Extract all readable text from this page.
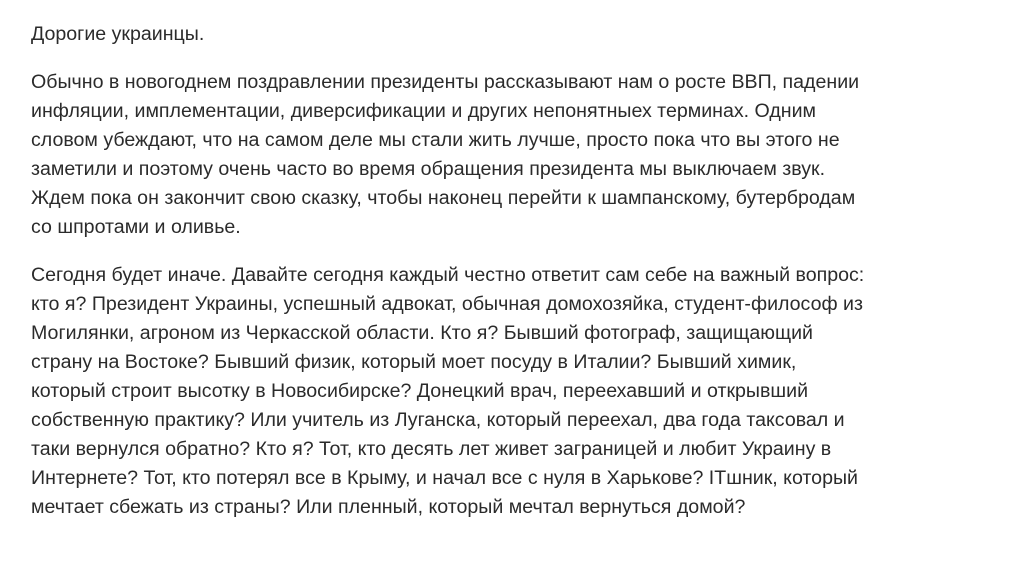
Дорогие украинцы.

Обычно в новогоднем поздравлении президенты рассказывают нам о росте ВВП, падении
инфляции, имплементации, диверсификации и других непонятныех терминах. Одним
словом убеждают, что на самом деле мы стали жить лучше, просто пока что вы этого не
заметили и поэтому очень часто во время обращения президента мы выключаем звук.
Ждем пока он закончит свою сказку, чтобы наконец перейти к шампанскому, бутербродам
со шпротами и оливье.

Сегодня будет иначе. Давайте сегодня каждый честно ответит сам себе на важный вопрос:
кто я? Президент Украины, успешный адвокат, обычная домохозяйка, студент-философ из
Могилянки, агроном из Черкасской области. Кто я? Бывший фотограф, защищающий
страну на Востоке? Бывший физик, который моет посуду в Италии? Бывший химик,
который строит высотку в Новосибирске? Донецкий врач, переехавший и открывший
собственную практику? Или учитель из Луганска, который переехал, два года таксовал и
таки вернулся обратно? Кто я? Тот, кто десять лет живет заграницей и любит Украину в
Интернете? Тот, кто потерял все в Крыму, и начал все с нуля в Харькове? ITшник, который
мечтает сбежать из страны? Или пленный, который мечтал вернуться домой?
